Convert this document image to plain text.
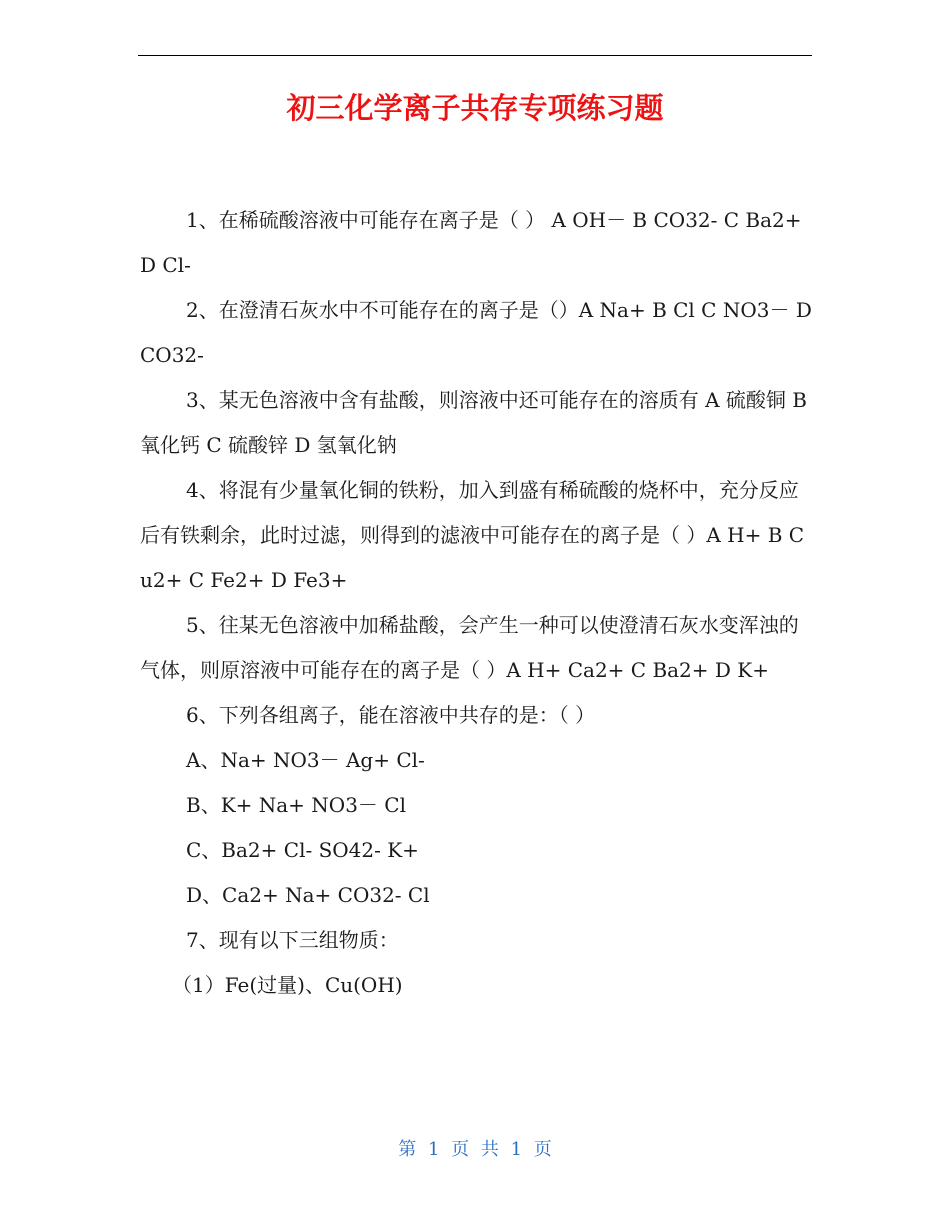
初三化学离子共存专项练习题

1、在稀硫酸溶液中可能存在离子是（ ） A OH－ B CO32- C Ba2+ D Cl-

2、在澄清石灰水中不可能存在的离子是（）A Na+ B Cl C NO3－ D CO32-

3、某无色溶液中含有盐酸，则溶液中还可能存在的溶质有 A 硫酸铜 B 氧化钙 C 硫酸锌 D 氢氧化钠

4、将混有少量氧化铜的铁粉，加入到盛有稀硫酸的烧杯中，充分反应后有铁剩余，此时过滤，则得到的滤液中可能存在的离子是（ ）A H+ B Cu2+ C Fe2+ D Fe3+

5、往某无色溶液中加稀盐酸，会产生一种可以使澄清石灰水变浑浊的气体，则原溶液中可能存在的离子是（ ）A H+ Ca2+ C Ba2+ D K+

6、下列各组离子，能在溶液中共存的是：（ ）

A、Na+ NO3－ Ag+ Cl-

B、K+ Na+ NO3－ Cl

C、Ba2+ Cl- SO42- K+

D、Ca2+ Na+ CO32- Cl

7、现有以下三组物质：

（1）Fe(过量)、Cu(OH)

第 1 页 共 1 页
